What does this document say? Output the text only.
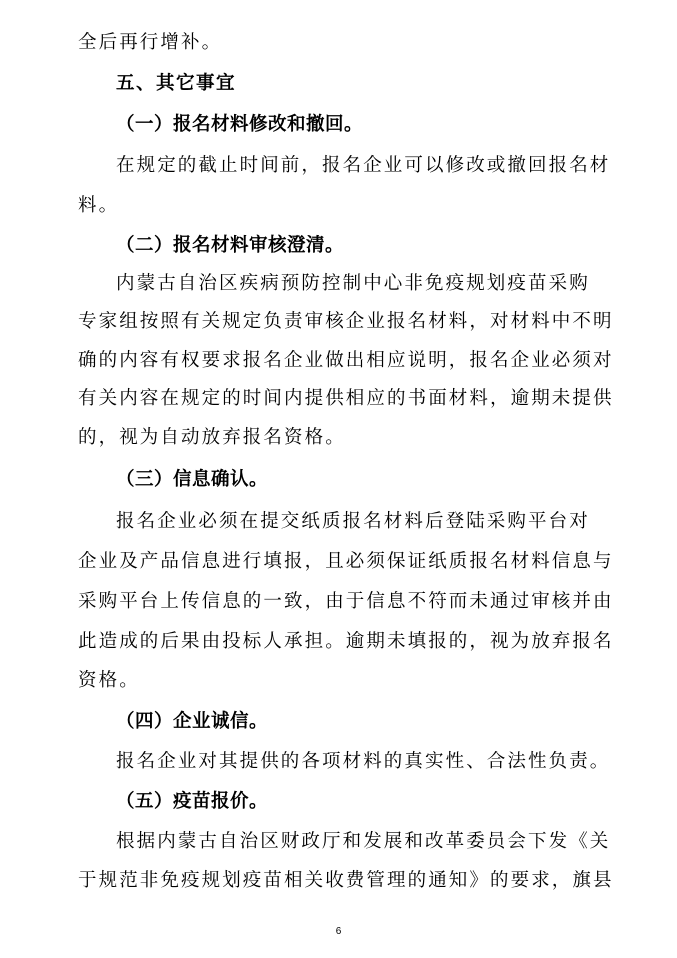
全后再行增补。
五、其它事宜
（一）报名材料修改和撤回。
在规定的截止时间前，报名企业可以修改或撤回报名材
料。
（二）报名材料审核澄清。
内蒙古自治区疾病预防控制中心非免疫规划疫苗采购
专家组按照有关规定负责审核企业报名材料，对材料中不明
确的内容有权要求报名企业做出相应说明，报名企业必须对
有关内容在规定的时间内提供相应的书面材料，逾期未提供
的，视为自动放弃报名资格。
（三）信息确认。
报名企业必须在提交纸质报名材料后登陆采购平台对
企业及产品信息进行填报，且必须保证纸质报名材料信息与
采购平台上传信息的一致，由于信息不符而未通过审核并由
此造成的后果由投标人承担。逾期未填报的，视为放弃报名
资格。
（四）企业诚信。
报名企业对其提供的各项材料的真实性、合法性负责。
（五）疫苗报价。
根据内蒙古自治区财政厅和发展和改革委员会下发《关
于规范非免疫规划疫苗相关收费管理的通知》的要求，旗县
6
